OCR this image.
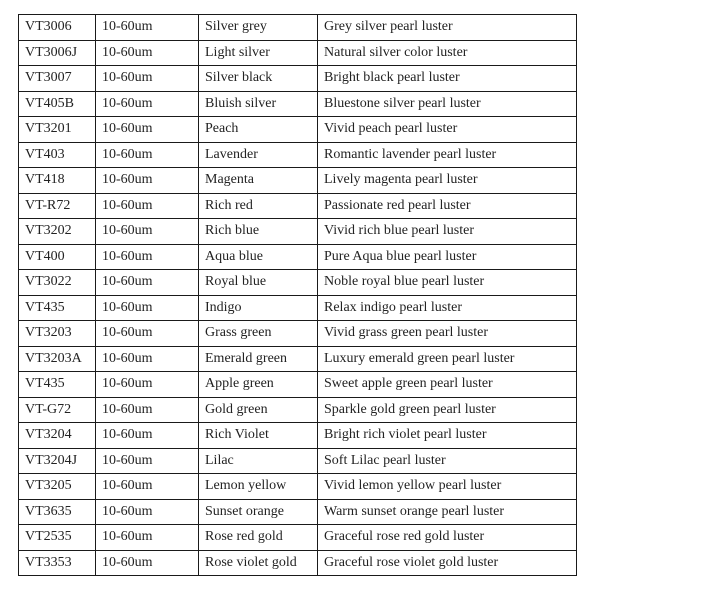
VT3006	10-60um	Silver grey	Grey silver pearl luster
VT3006J	10-60um	Light silver	Natural silver color luster
VT3007	10-60um	Silver black	Bright black pearl luster
VT405B	10-60um	Bluish silver	Bluestone silver pearl luster
VT3201	10-60um	Peach	Vivid peach pearl luster
VT403	10-60um	Lavender	Romantic lavender pearl luster
VT418	10-60um	Magenta	Lively magenta pearl luster
VT-R72	10-60um	Rich red	Passionate red pearl luster
VT3202	10-60um	Rich blue	Vivid rich blue pearl luster
VT400	10-60um	Aqua blue	Pure Aqua blue pearl luster
VT3022	10-60um	Royal blue	Noble royal blue pearl luster
VT435	10-60um	Indigo	Relax indigo pearl luster
VT3203	10-60um	Grass green	Vivid grass green pearl luster
VT3203A	10-60um	Emerald green	Luxury emerald green pearl luster
VT435	10-60um	Apple green	Sweet apple green pearl luster
VT-G72	10-60um	Gold green	Sparkle gold green pearl luster
VT3204	10-60um	Rich Violet	Bright rich violet pearl luster
VT3204J	10-60um	Lilac	Soft Lilac pearl luster
VT3205	10-60um	Lemon yellow	Vivid lemon yellow pearl luster
VT3635	10-60um	Sunset orange	Warm sunset orange pearl luster
VT2535	10-60um	Rose red gold	Graceful rose red gold luster
VT3353	10-60um	Rose violet gold	Graceful rose violet gold luster
